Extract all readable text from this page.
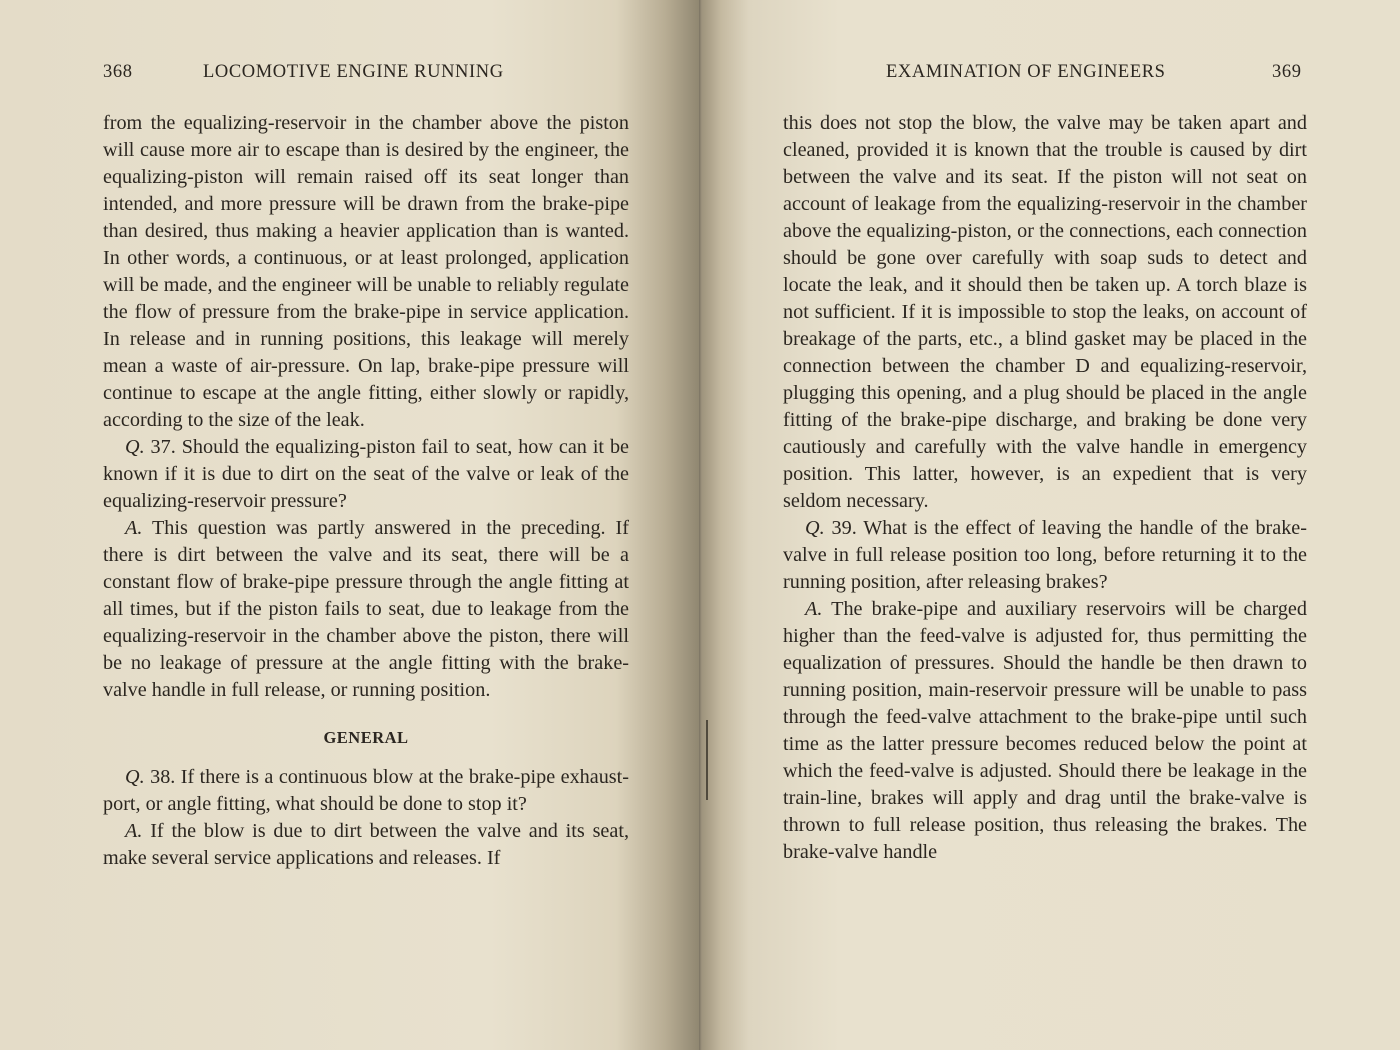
368	LOCOMOTIVE ENGINE RUNNING

from the equalizing-reservoir in the chamber above the piston will cause more air to escape than is desired by the engineer, the equalizing-piston will remain raised off its seat longer than intended, and more pressure will be drawn from the brake-pipe than desired, thus making a heavier application than is wanted. In other words, a continuous, or at least prolonged, application will be made, and the engineer will be unable to reliably regulate the flow of pressure from the brake-pipe in service application. In release and in running positions, this leakage will merely mean a waste of air-pressure. On lap, brake-pipe pressure will continue to escape at the angle fitting, either slowly or rapidly, according to the size of the leak.

Q. 37. Should the equalizing-piston fail to seat, how can it be known if it is due to dirt on the seat of the valve or leak of the equalizing-reservoir pressure?

A. This question was partly answered in the preceding. If there is dirt between the valve and its seat, there will be a constant flow of brake-pipe pressure through the angle fitting at all times, but if the piston fails to seat, due to leakage from the equalizing-reservoir in the chamber above the piston, there will be no leakage of pressure at the angle fitting with the brake-valve handle in full release, or running position.

GENERAL

Q. 38. If there is a continuous blow at the brake-pipe exhaust-port, or angle fitting, what should be done to stop it?

A. If the blow is due to dirt between the valve and its seat, make several service applications and releases. If

EXAMINATION OF ENGINEERS	369

this does not stop the blow, the valve may be taken apart and cleaned, provided it is known that the trouble is caused by dirt between the valve and its seat. If the piston will not seat on account of leakage from the equalizing-reservoir in the chamber above the equalizing-piston, or the connections, each connection should be gone over carefully with soap suds to detect and locate the leak, and it should then be taken up. A torch blaze is not sufficient. If it is impossible to stop the leaks, on account of breakage of the parts, etc., a blind gasket may be placed in the connection between the chamber D and equalizing-reservoir, plugging this opening, and a plug should be placed in the angle fitting of the brake-pipe discharge, and braking be done very cautiously and carefully with the valve handle in emergency position. This latter, however, is an expedient that is very seldom necessary.

Q. 39. What is the effect of leaving the handle of the brake-valve in full release position too long, before returning it to the running position, after releasing brakes?

A. The brake-pipe and auxiliary reservoirs will be charged higher than the feed-valve is adjusted for, thus permitting the equalization of pressures. Should the handle be then drawn to running position, main-reservoir pressure will be unable to pass through the feed-valve attachment to the brake-pipe until such time as the latter pressure becomes reduced below the point at which the feed-valve is adjusted. Should there be leakage in the train-line, brakes will apply and drag until the brake-valve is thrown to full release position, thus releasing the brakes. The brake-valve handle
